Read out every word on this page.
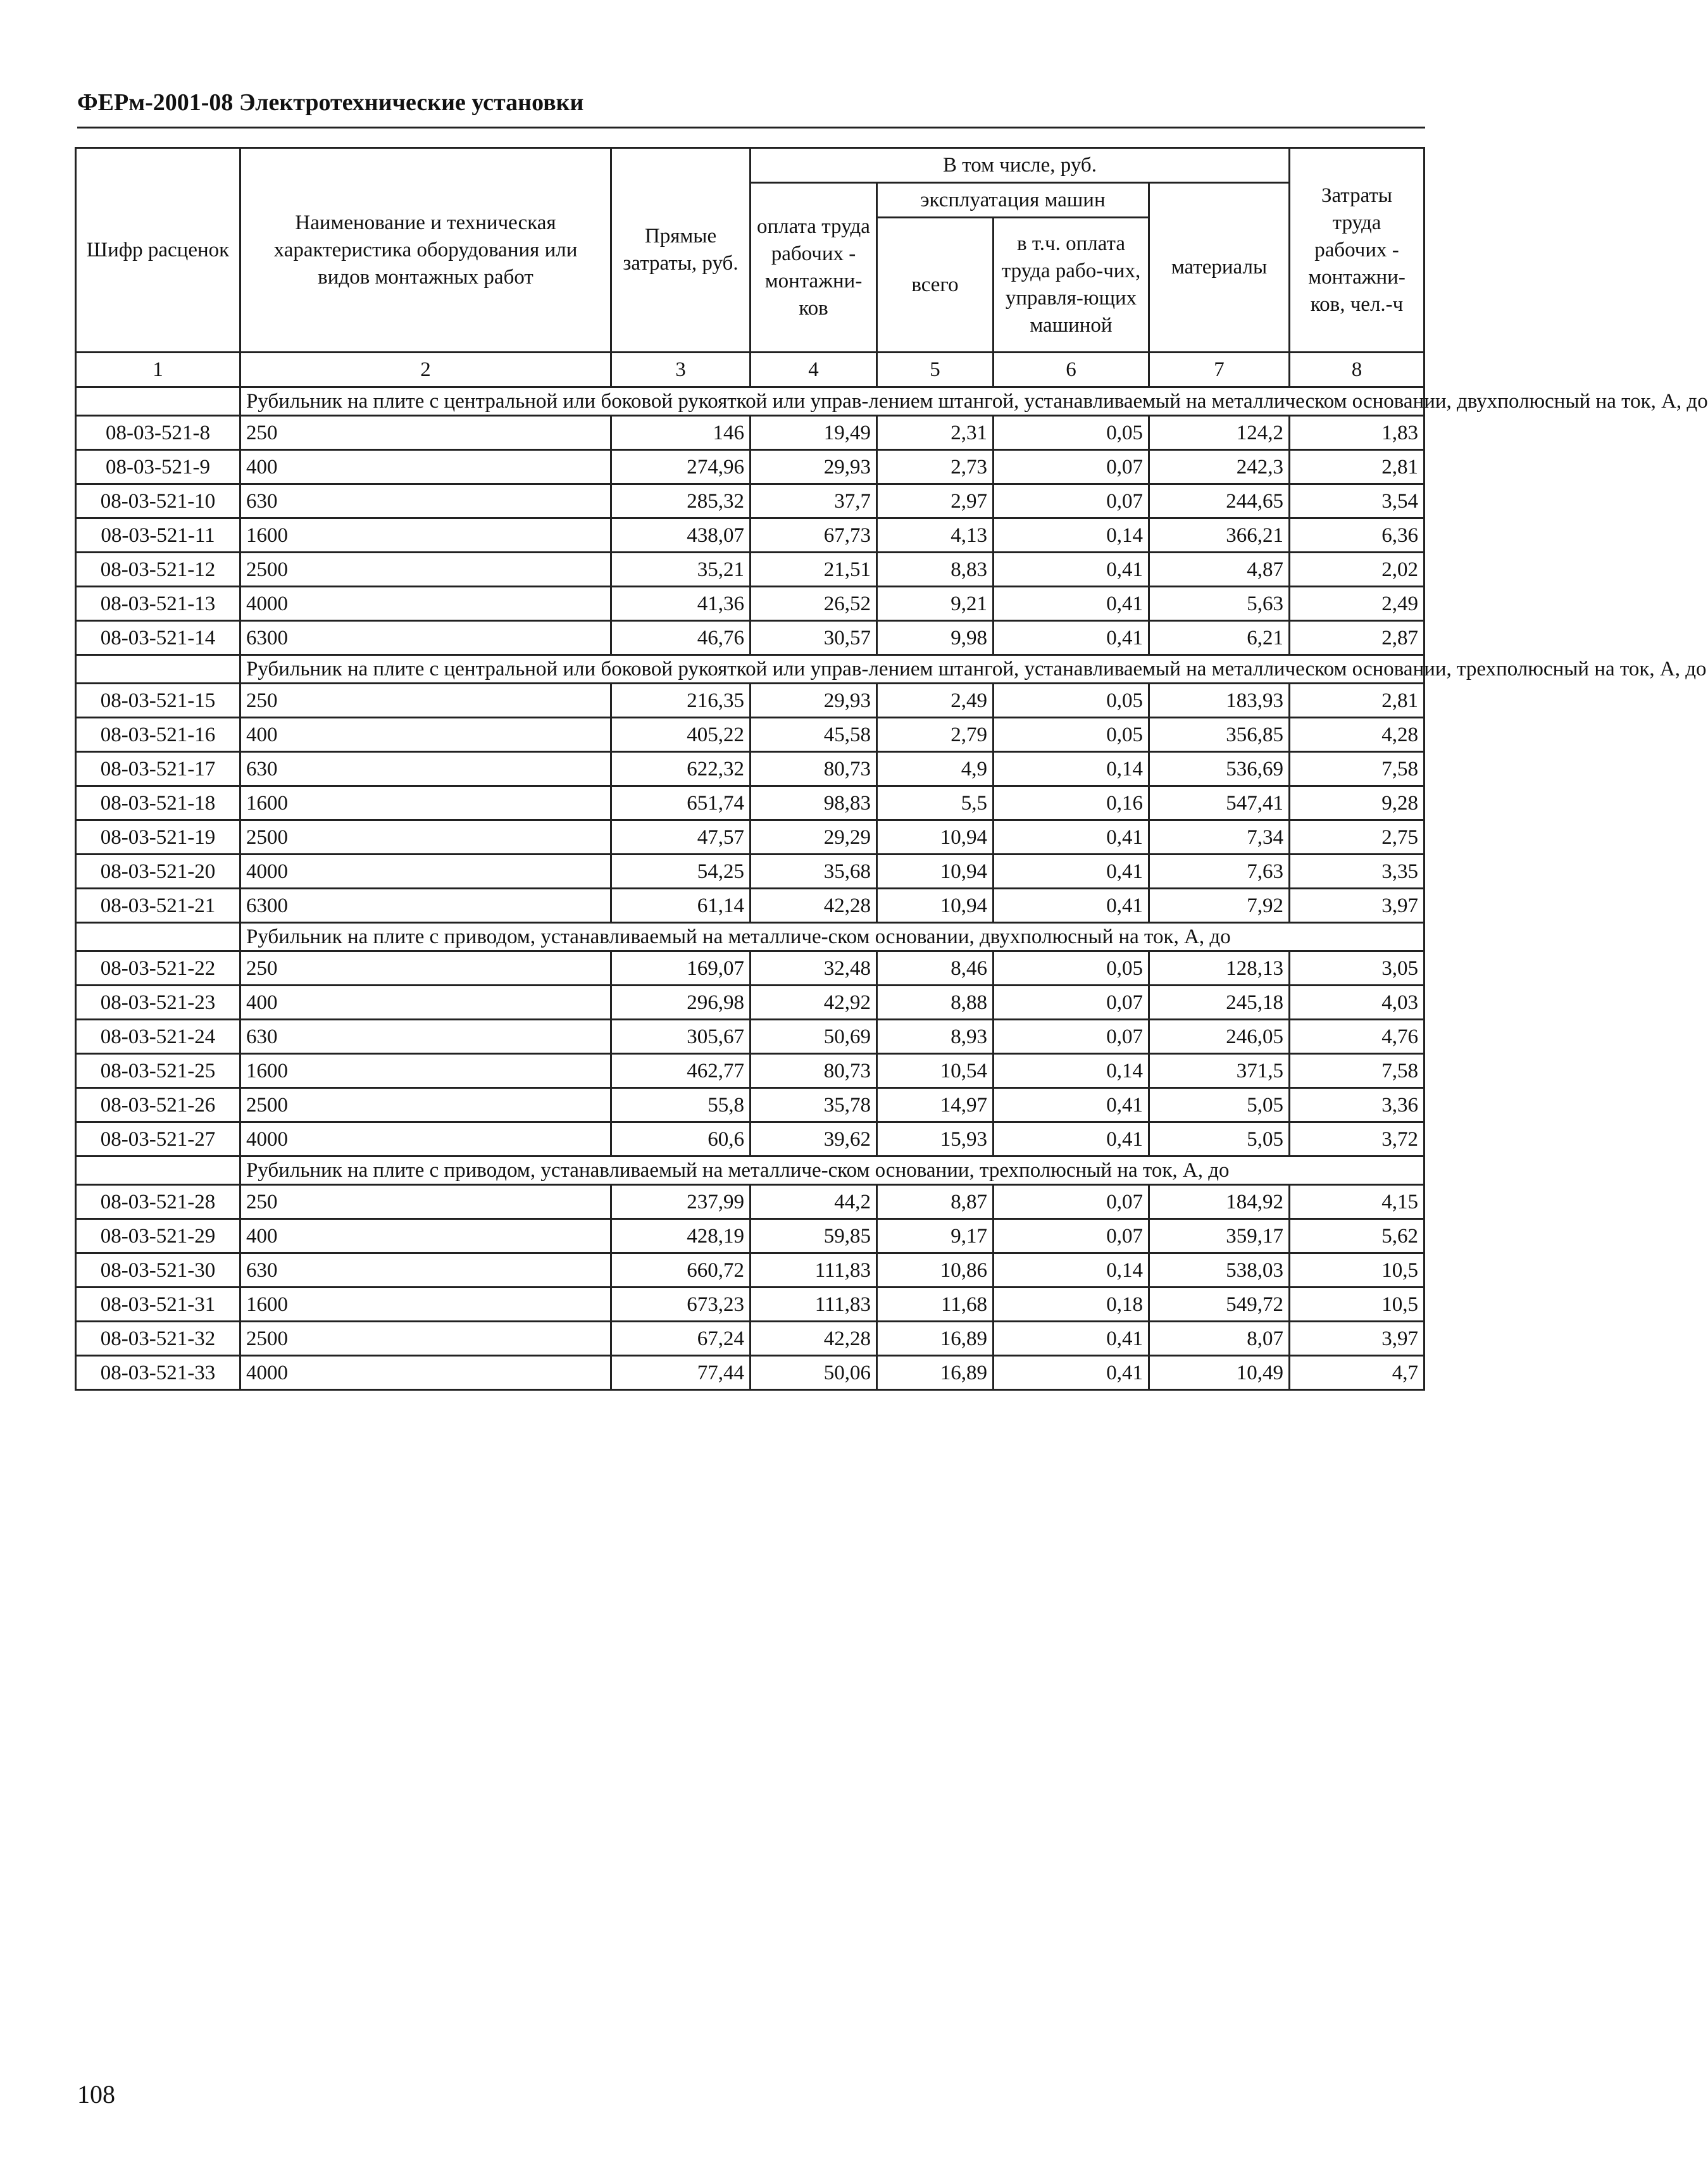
ФЕРм-2001-08 Электротехнические установки
Шифр расценок	Наименование и техническая характеристика оборудования или видов монтажных работ	Прямые затраты, руб.	В том числе, руб.				Затраты труда рабочих - монтажни-ков, чел.-ч
			оплата труда рабочих - монтажни-ков	эксплуатация машин		материалы	
				всего	в т.ч. оплата труда рабо-чих, управля-ющих машиной		
1	2	3	4	5	6	7	8
	Рубильник на плите с центральной или боковой рукояткой или управ-лением штангой, устанавливаемый на металлическом основании, двухполюсный на ток, А, до						
08-03-521-8	250	146	19,49	2,31	0,05	124,2	1,83
08-03-521-9	400	274,96	29,93	2,73	0,07	242,3	2,81
08-03-521-10	630	285,32	37,7	2,97	0,07	244,65	3,54
08-03-521-11	1600	438,07	67,73	4,13	0,14	366,21	6,36
08-03-521-12	2500	35,21	21,51	8,83	0,41	4,87	2,02
08-03-521-13	4000	41,36	26,52	9,21	0,41	5,63	2,49
08-03-521-14	6300	46,76	30,57	9,98	0,41	6,21	2,87
	Рубильник на плите с центральной или боковой рукояткой или управ-лением штангой, устанавливаемый на металлическом основании, трехполюсный на ток, А, до						
08-03-521-15	250	216,35	29,93	2,49	0,05	183,93	2,81
08-03-521-16	400	405,22	45,58	2,79	0,05	356,85	4,28
08-03-521-17	630	622,32	80,73	4,9	0,14	536,69	7,58
08-03-521-18	1600	651,74	98,83	5,5	0,16	547,41	9,28
08-03-521-19	2500	47,57	29,29	10,94	0,41	7,34	2,75
08-03-521-20	4000	54,25	35,68	10,94	0,41	7,63	3,35
08-03-521-21	6300	61,14	42,28	10,94	0,41	7,92	3,97
	Рубильник на плите с приводом, устанавливаемый на металличе-ском основании, двухполюсный на ток, А, до						
08-03-521-22	250	169,07	32,48	8,46	0,05	128,13	3,05
08-03-521-23	400	296,98	42,92	8,88	0,07	245,18	4,03
08-03-521-24	630	305,67	50,69	8,93	0,07	246,05	4,76
08-03-521-25	1600	462,77	80,73	10,54	0,14	371,5	7,58
08-03-521-26	2500	55,8	35,78	14,97	0,41	5,05	3,36
08-03-521-27	4000	60,6	39,62	15,93	0,41	5,05	3,72
	Рубильник на плите с приводом, устанавливаемый на металличе-ском основании, трехполюсный на ток, А, до						
08-03-521-28	250	237,99	44,2	8,87	0,07	184,92	4,15
08-03-521-29	400	428,19	59,85	9,17	0,07	359,17	5,62
08-03-521-30	630	660,72	111,83	10,86	0,14	538,03	10,5
08-03-521-31	1600	673,23	111,83	11,68	0,18	549,72	10,5
08-03-521-32	2500	67,24	42,28	16,89	0,41	8,07	3,97
08-03-521-33	4000	77,44	50,06	16,89	0,41	10,49	4,7
108
